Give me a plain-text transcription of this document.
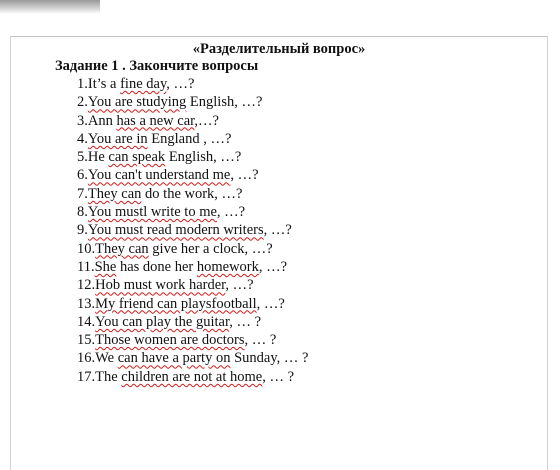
«Разделительный вопрос»
Задание 1 . Закончите вопросы
1.It’s a fine day, …?
2.You are studying English, …?
3.Ann has a new car,…?
4.You are in England , …?
5.He can speak English, …?
6.You can't understand me, …?
7.They can do the work, …?
8.You mustl write to me, …?
9.You must read modern writers, …?
10.They can give her a clock, …?
11.She has done her homework, …?
12.Hob must work harder, …?
13.My friend can playsfootball, …?
14.You can play the guitar, … ?
15.Those women are doctors, … ?
16.We can have a party on Sunday, … ?
17.The children are not at home, … ?
